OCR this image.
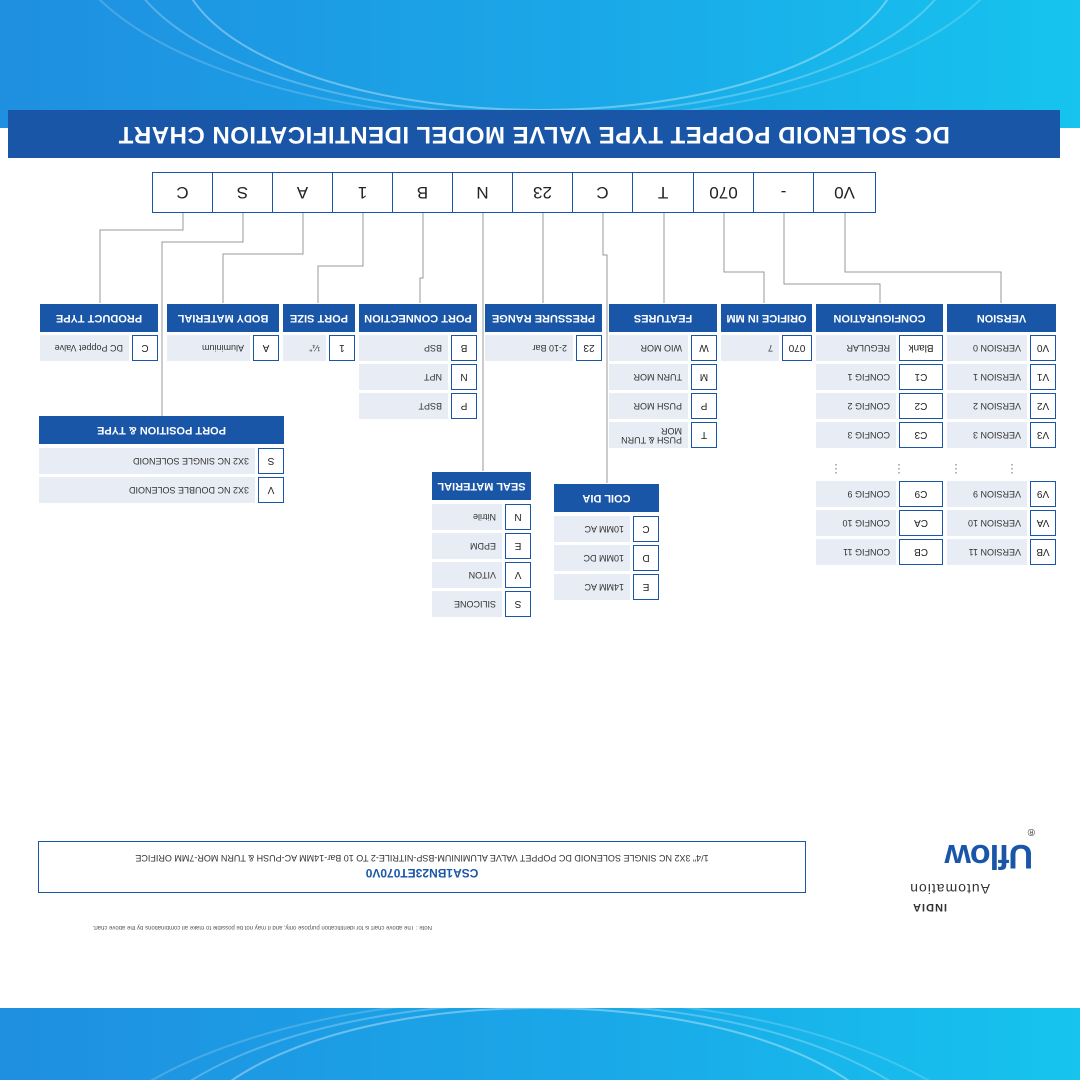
DC SOLENOID POPPET TYPE VALVE MODEL IDENTIFICATION CHART
C	S	A	1	B	N	23	C	T	070	-	V0
PRODUCT TYPE
C
DC Poppet Valve
PORT POSITION & TYPE
S
3X2 NC SINGLE SOLENOID
V
3X2 NC DOUBLE SOLENOID
BODY MATERIAL
A
Aluminium
PORT SIZE
1
¼"
PORT CONNECTION
B
BSP
N
NPT
P
BSPT
SEAL MATERIAL
N
Nitrile
E
EPDM
V
VITON
S
SILICONE
PRESSURE RANGE
23
2-10 Bar
COIL DIA
C
10MM AC
D
10MM DC
E
14MM AC
FEATURES
W
WIO MOR
M
TURN MOR
P
PUSH MOR
T
PUSH & TURN MOR
ORIFICE IN MM
070
7
CONFIGURATION
Blank
REGULAR
C1
CONFIG 1
C2
CONFIG 2
C3
CONFIG 3
⋮	⋮
C9
CONFIG 9
CA
CONFIG 10
CB
CONFIG 11
VERSION
V0
VERSION 0
V1
VERSION 1
V2
VERSION 2
V3
VERSION 3
⋮	⋮
V9
VERSION 9
VA
VERSION 10
VB
VERSION 11
CSA1BN23ET070V0
1/4" 3X2 NC SINGLE SOLENOID DC POPPET VALVE ALUMINIUM-BSP-NITRILE-2 TO 10 Bar-14MM AC-PUSH & TURN MOR-7MM ORIFICE
Note : The above chart is for identification purpose only, and it may not be possible to make all combinations by the above chart.
INDIA
Automation
Uflow
®
